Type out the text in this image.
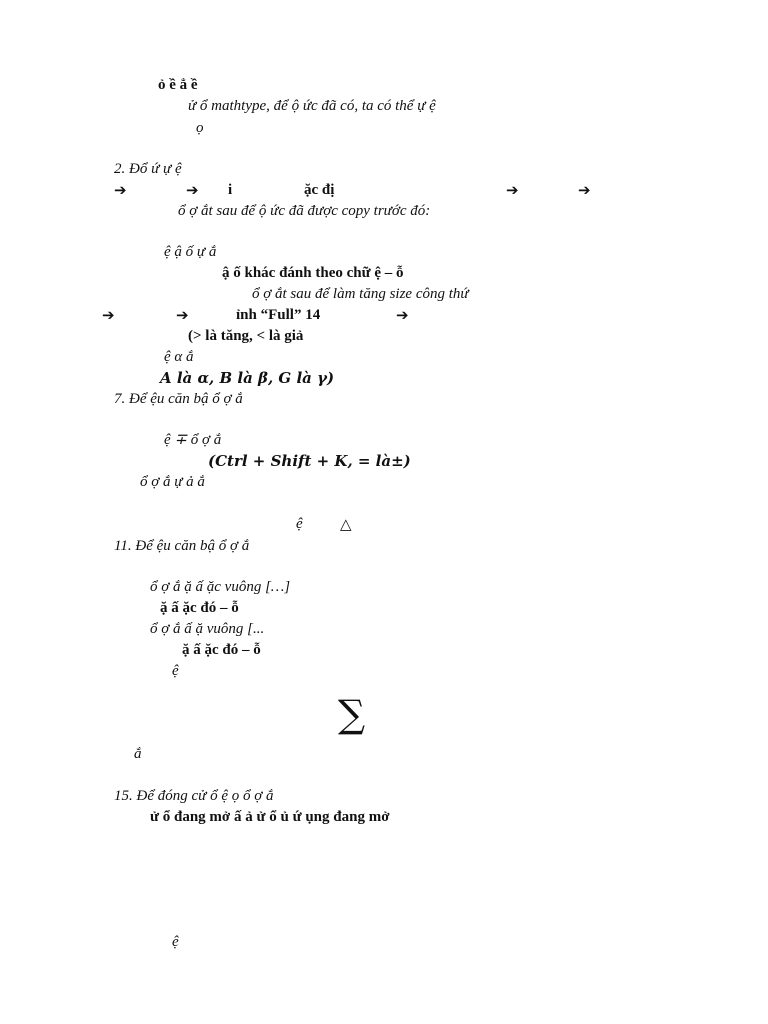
ỏ ề ẳ ề
ử ổ mathtype, để ộ ức đã có, ta có thể ự ệ
ọ
2. Đổ ứ ự ệ
➔	➔ i	ặc đị	➔	➔
ổ ợ ắt sau để ộ ức đã được copy trước đó:
ệ ậ ố ự ắ
ậ ố khác đánh theo chữ ệ – ỗ
ổ ợ ắt sau để làm tăng size công thứ
➔	➔	ỉnh “Full” 14	➔
(> là tăng, < là giả
ệ α ắ
A là α, B là β, G là γ)
7. Để ệu căn bậ ổ ợ ắ
ệ ∓ ổ ợ ắ
(Ctrl + Shift + K, = là±)
ổ ợ ắ ự ả ắ
ệ △
11. Để ệu căn bậ ổ ợ ắ
ổ ợ ắ ặ ấ ặc vuông […]
ặ ấ ặc đó – ỗ
ổ ợ ắ ấ ặ vuông [...
ặ ấ ặc đó – ỗ
ệ
∑
ắ
15. Để đóng cử ổ ệ ọ ổ ợ ắ
ử ổ đang mở ấ ả ử ổ ủ ứ ụng đang mở
ệ
